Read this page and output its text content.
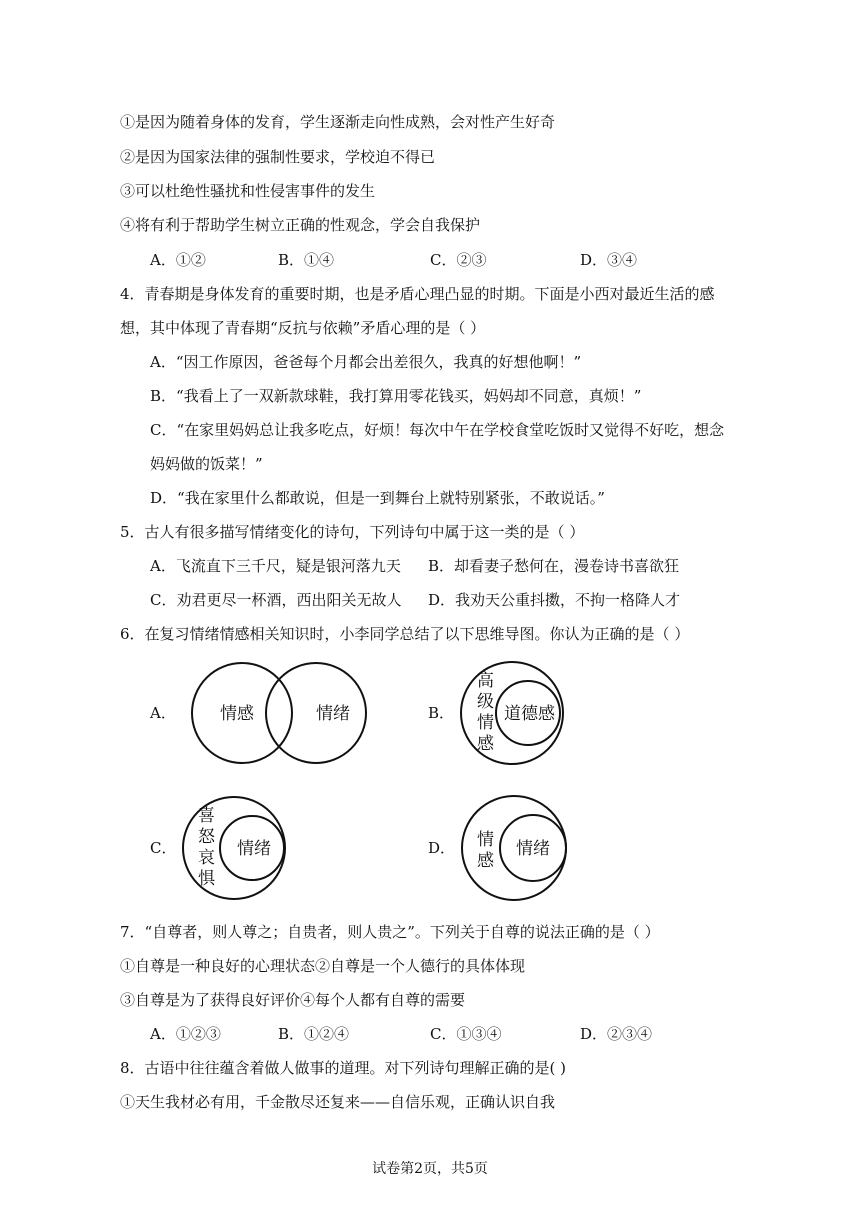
①是因为随着身体的发育，学生逐渐走向性成熟，会对性产生好奇
②是因为国家法律的强制性要求，学校迫不得已
③可以杜绝性骚扰和性侵害事件的发生
④将有利于帮助学生树立正确的性观念，学会自我保护
A．①②	B．①④	C．②③	D．③④
4．青春期是身体发育的重要时期，也是矛盾心理凸显的时期。下面是小西对最近生活的感
想，其中体现了青春期“反抗与依赖”矛盾心理的是（ ）
A．“因工作原因，爸爸每个月都会出差很久，我真的好想他啊！”
B．“我看上了一双新款球鞋，我打算用零花钱买，妈妈却不同意，真烦！”
C．“在家里妈妈总让我多吃点，好烦！每次中午在学校食堂吃饭时又觉得不好吃，想念
妈妈做的饭菜！”
D．“我在家里什么都敢说，但是一到舞台上就特别紧张，不敢说话。”
5．古人有很多描写情绪变化的诗句，下列诗句中属于这一类的是（ ）
A．飞流直下三千尺，疑是银河落九天 B．却看妻子愁何在，漫卷诗书喜欲狂
C．劝君更尽一杯酒，西出阳关无故人 D．我劝天公重抖擞，不拘一格降人才
6．在复习情绪情感相关知识时，小李同学总结了以下思维导图。你认为正确的是（ ）
A．	情感	情绪	B．
高
级
情
感
道德感
C．
喜
怒
哀
惧
情绪	D． 情
感
情绪
7．“自尊者，则人尊之；自贵者，则人贵之”。下列关于自尊的说法正确的是（ ）
①自尊是一种良好的心理状态②自尊是一个人德行的具体体现
③自尊是为了获得良好评价④每个人都有自尊的需要
A．①②③	B．①②④	C．①③④	D．②③④
8．古语中往往蕴含着做人做事的道理。对下列诗句理解正确的是( )
①天生我材必有用，千金散尽还复来——自信乐观，正确认识自我
试卷第2页，共5页
